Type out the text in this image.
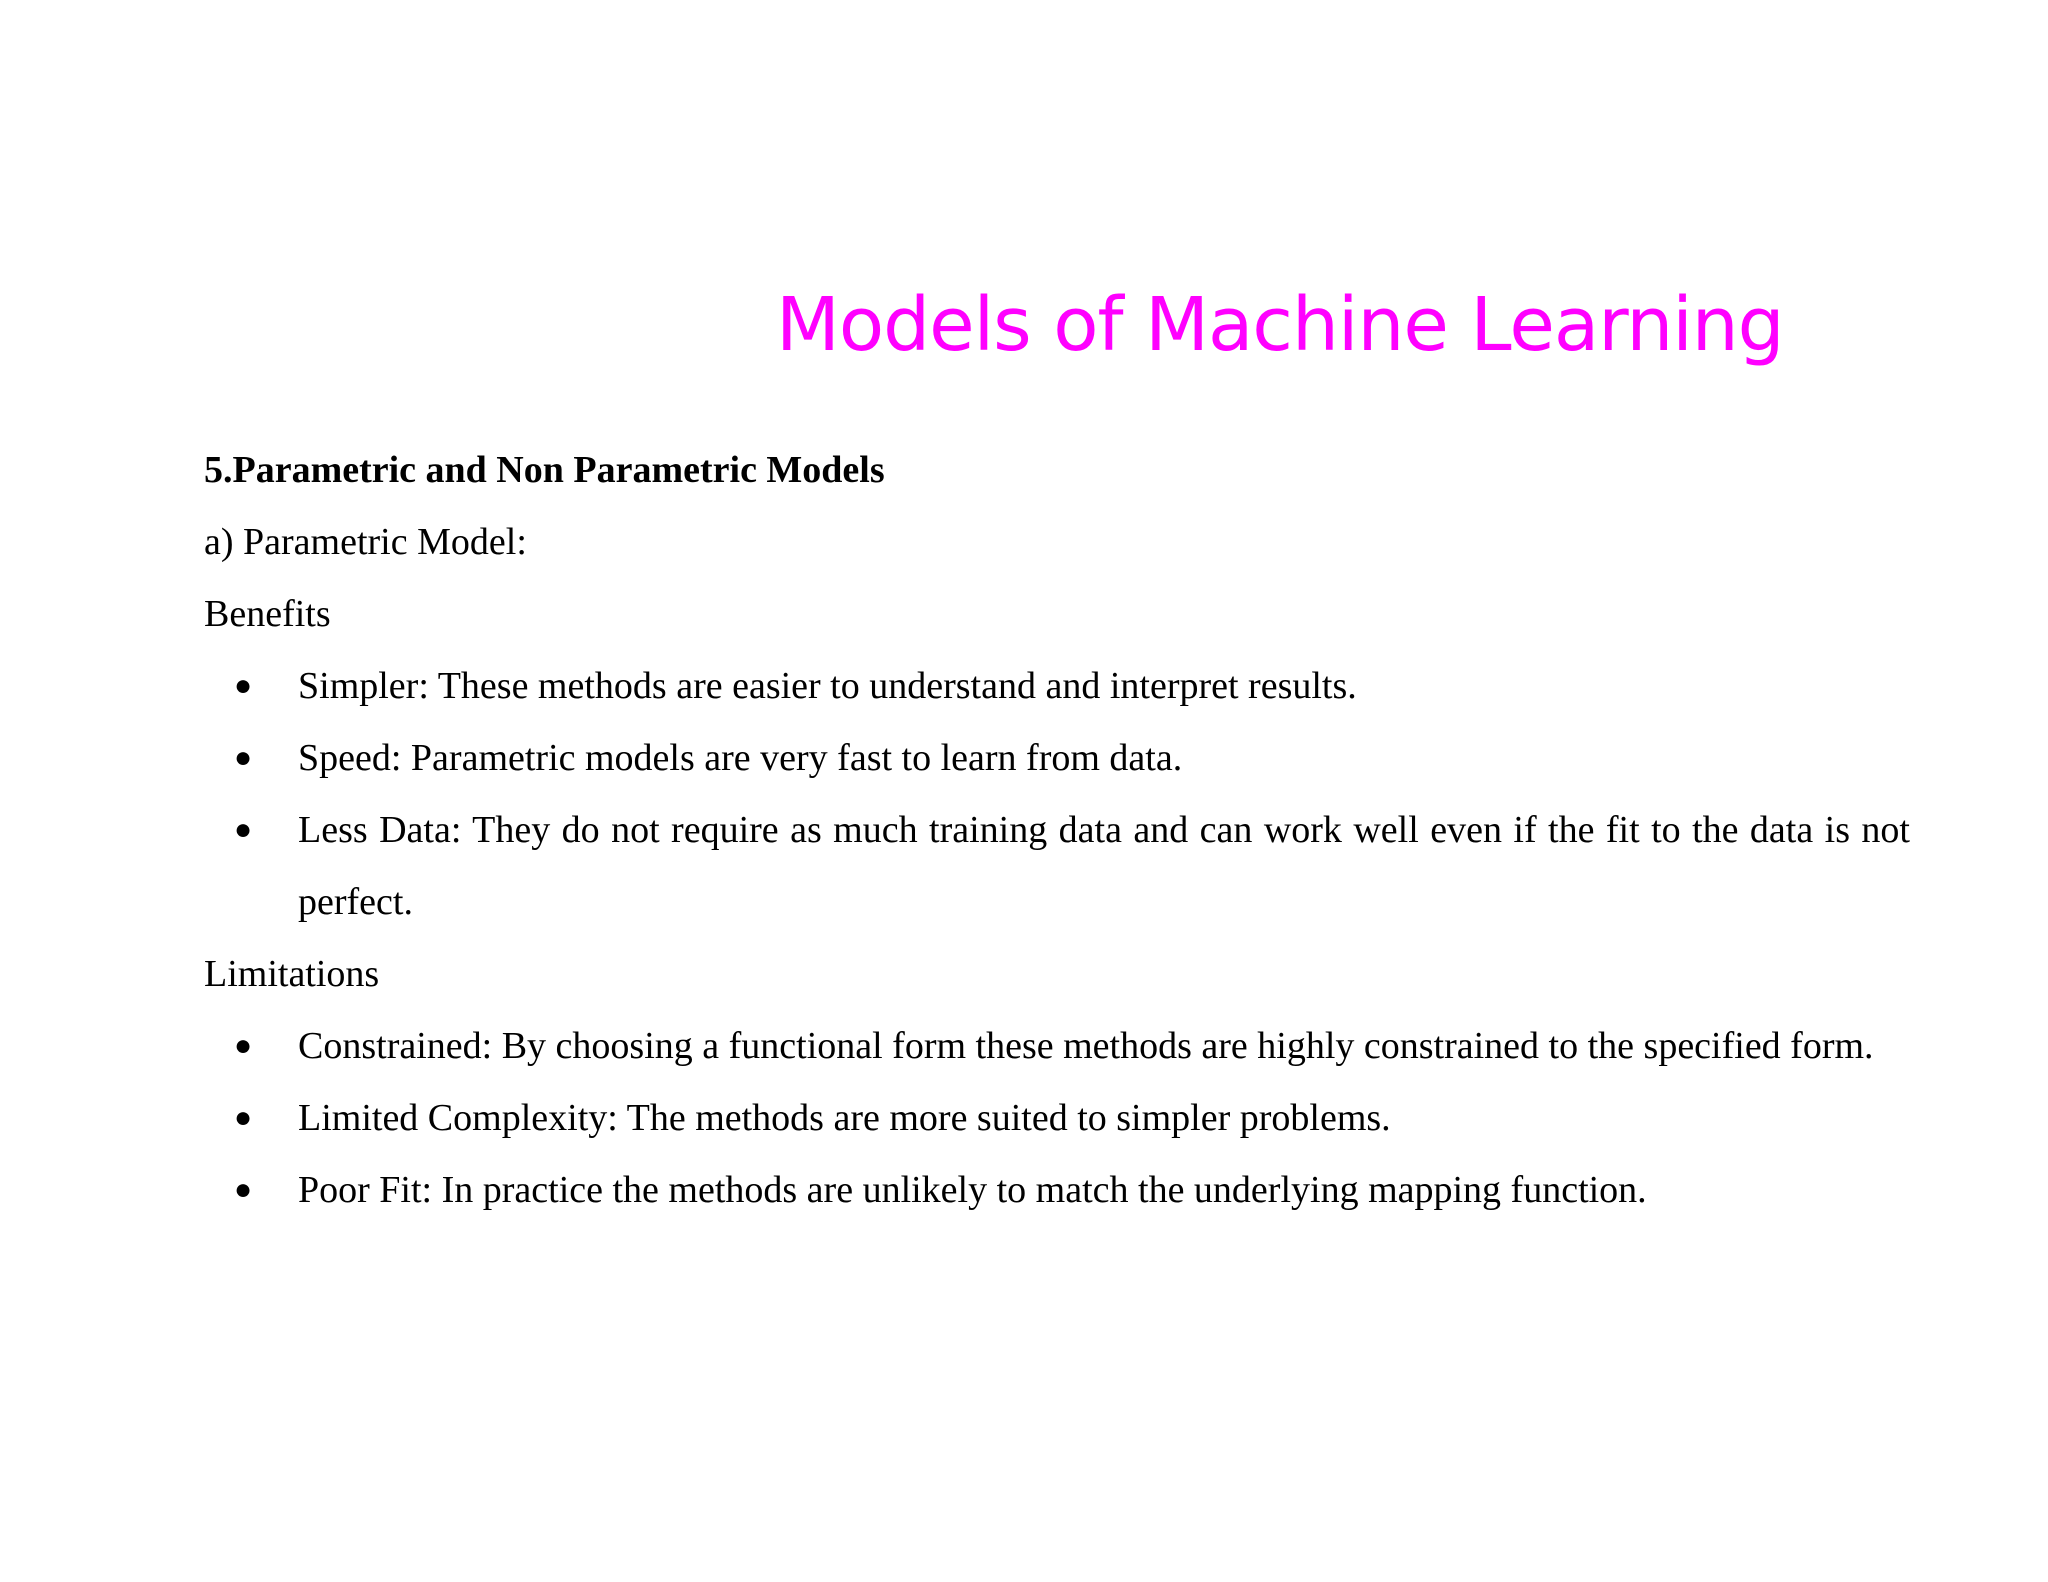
Models of Machine Learning

5.Parametric and Non Parametric Models

a) Parametric Model:

Benefits

● Simpler: These methods are easier to understand and interpret results.
● Speed: Parametric models are very fast to learn from data.
● Less Data: They do not require as much training data and can work well even if the fit to the data is not perfect.

Limitations

● Constrained: By choosing a functional form these methods are highly constrained to the specified form.
● Limited Complexity: The methods are more suited to simpler problems.
● Poor Fit: In practice the methods are unlikely to match the underlying mapping function.
